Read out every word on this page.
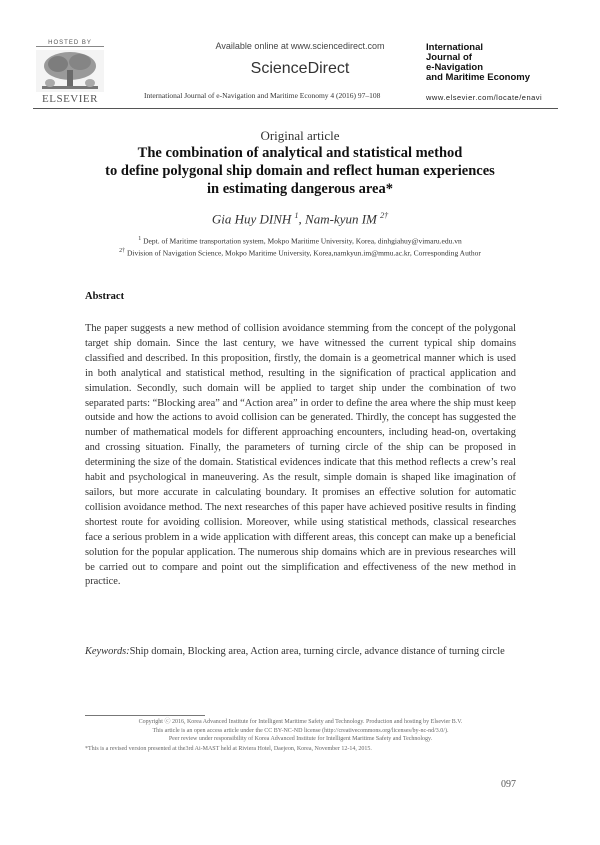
HOSTED BY
ELSEVIER
Available online at www.sciencedirect.com
ScienceDirect
International Journal of e-Navigation and Maritime Economy 4 (2016) 97–108
International
Journal of
e-Navigation
and Maritime Economy
www.elsevier.com/locate/enavi
Original article
The combination of analytical and statistical method
to define polygonal ship domain and reflect human experiences
in estimating dangerous area*
Gia Huy DINH $^1$, Nam-kyun IM $^{2\dagger}$
$^1$ Dept. of Maritime transportation system, Mokpo Maritime University, Korea, dinhgiahuy@vimaru.edu.vn
$^{2\dagger}$ Division of Navigation Science, Mokpo Maritime University, Korea,namkyun.im@mmu.ac.kr, Corresponding Author
Abstract
The paper suggests a new method of collision avoidance stemming from the concept of the polygonal target ship domain. Since the last century, we have witnessed the current typical ship domains classified and described. In this proposition, firstly, the domain is a geometrical manner which is used in both analytical and statistical method, resulting in the signification of practical application and simulation. Secondly, such domain will be applied to target ship under the combination of two separated parts: “Blocking area” and “Action area” in order to define the area where the ship must keep outside and how the actions to avoid collision can be generated. Thirdly, the concept has suggested the number of mathematical models for different approaching encounters, including head-on, overtaking and crossing situation. Finally, the parameters of turning circle of the ship can be proposed in determining the size of the domain. Statistical evidences indicate that this method reflects a crew’s real habit and psychological in maneuvering. As the result, simple domain is shaped like imagination of sailors, but more accurate in calculating boundary. It promises an effective solution for automatic collision avoidance method. The next researches of this paper have achieved positive results in finding shortest route for avoiding collision. Moreover, while using statistical methods, classical researches face a serious problem in a wide application with different areas, this concept can make up a beneficial solution for the popular application. The numerous ship domains which are in previous researches will be carried out to compare and point out the simplification and effectiveness of the new method in practice.
Keywords:Ship domain, Blocking area, Action area, turning circle, advance distance of turning circle
Copyright ⓒ 2016, Korea Advanced Institute for Intelligent Maritime Safety and Technology. Production and hosting by Elsevier B.V.
This article is an open access article under the CC BY-NC-ND license (http://creativecommons.org/licenses/by-nc-nd/3.0/).
Peer review under responsibility of Korea Advanced Institute for Intelligent Maritime Safety and Technology.
*This is a revised version presented at the3rd Ai-MAST held at Riviera Hotel, Daejeon, Korea, November 12-14, 2015.
097
